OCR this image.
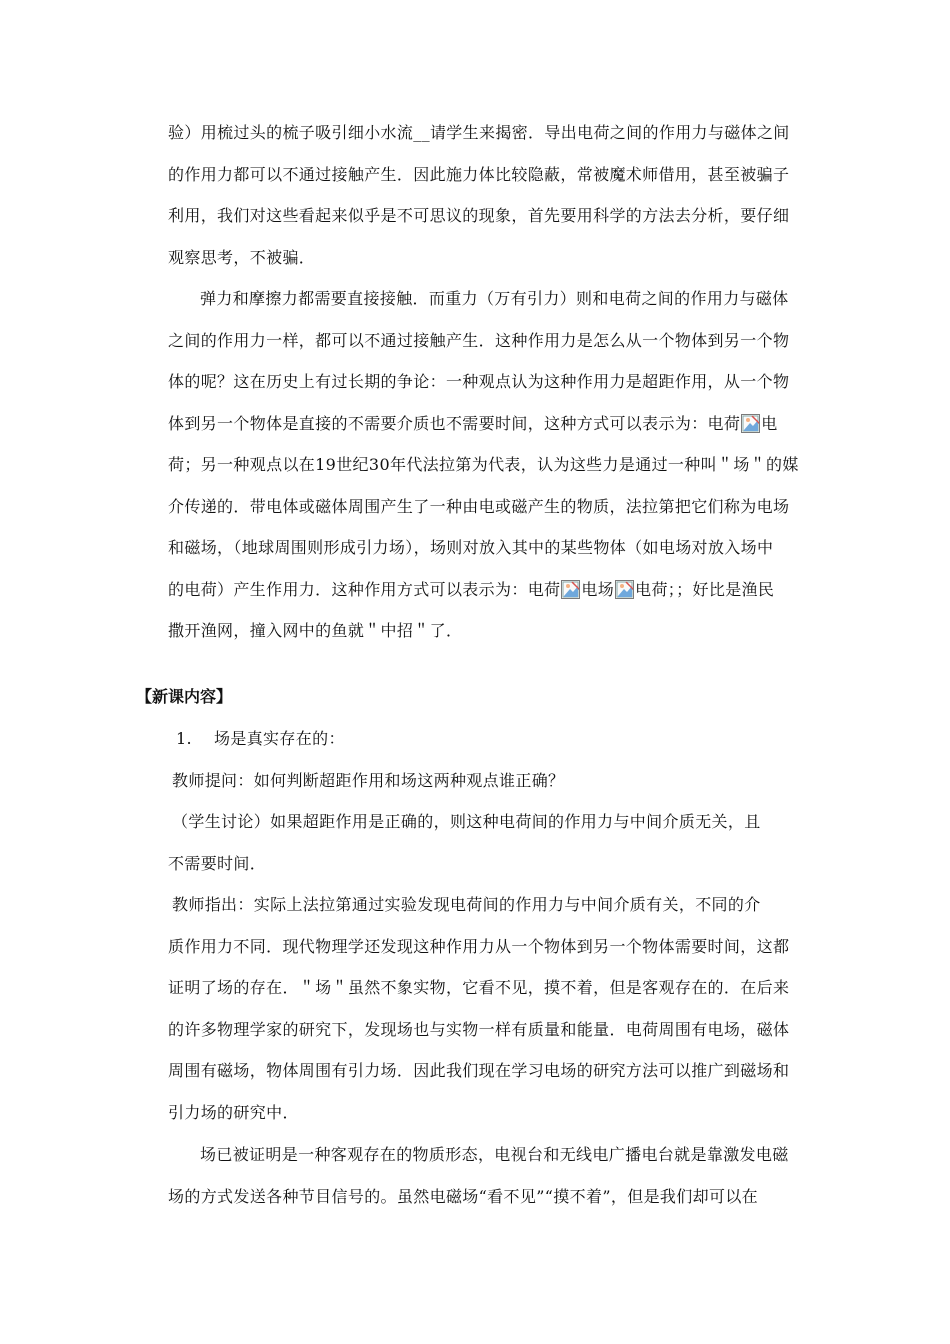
验）用梳过头的梳子吸引细小水流__请学生来揭密．导出电荷之间的作用力与磁体之间
的作用力都可以不通过接触产生．因此施力体比较隐蔽，常被魔术师借用，甚至被骗子
利用，我们对这些看起来似乎是不可思议的现象，首先要用科学的方法去分析，要仔细
观察思考，不被骗．
弹力和摩擦力都需要直接接触．而重力（万有引力）则和电荷之间的作用力与磁体
之间的作用力一样，都可以不通过接触产生．这种作用力是怎么从一个物体到另一个物
体的呢？这在历史上有过长期的争论：一种观点认为这种作用力是超距作用，从一个物
体到另一个物体是直接的不需要介质也不需要时间，这种方式可以表示为：电荷 电
荷；另一种观点以在19世纪30年代法拉第为代表，认为这些力是通过一种叫＂场＂的媒
介传递的．带电体或磁体周围产生了一种由电或磁产生的物质，法拉第把它们称为电场
和磁场，（地球周围则形成引力场），场则对放入其中的某些物体（如电场对放入场中
的电荷）产生作用力．这种作用方式可以表示为：电荷 电场 电荷；；好比是渔民
撒开渔网，撞入网中的鱼就＂中招＂了．
【新课内容】
1. 场是真实存在的：
教师提问：如何判断超距作用和场这两种观点谁正确？
（学生讨论）如果超距作用是正确的，则这种电荷间的作用力与中间介质无关，且
不需要时间．
教师指出：实际上法拉第通过实验发现电荷间的作用力与中间介质有关，不同的介
质作用力不同．现代物理学还发现这种作用力从一个物体到另一个物体需要时间，这都
证明了场的存在．＂场＂虽然不象实物，它看不见，摸不着，但是客观存在的．在后来
的许多物理学家的研究下，发现场也与实物一样有质量和能量．电荷周围有电场，磁体
周围有磁场，物体周围有引力场．因此我们现在学习电场的研究方法可以推广到磁场和
引力场的研究中．
场已被证明是一种客观存在的物质形态，电视台和无线电广播电台就是靠激发电磁
场的方式发送各种节目信号的。虽然电磁场“看不见”“摸不着”，但是我们却可以在
